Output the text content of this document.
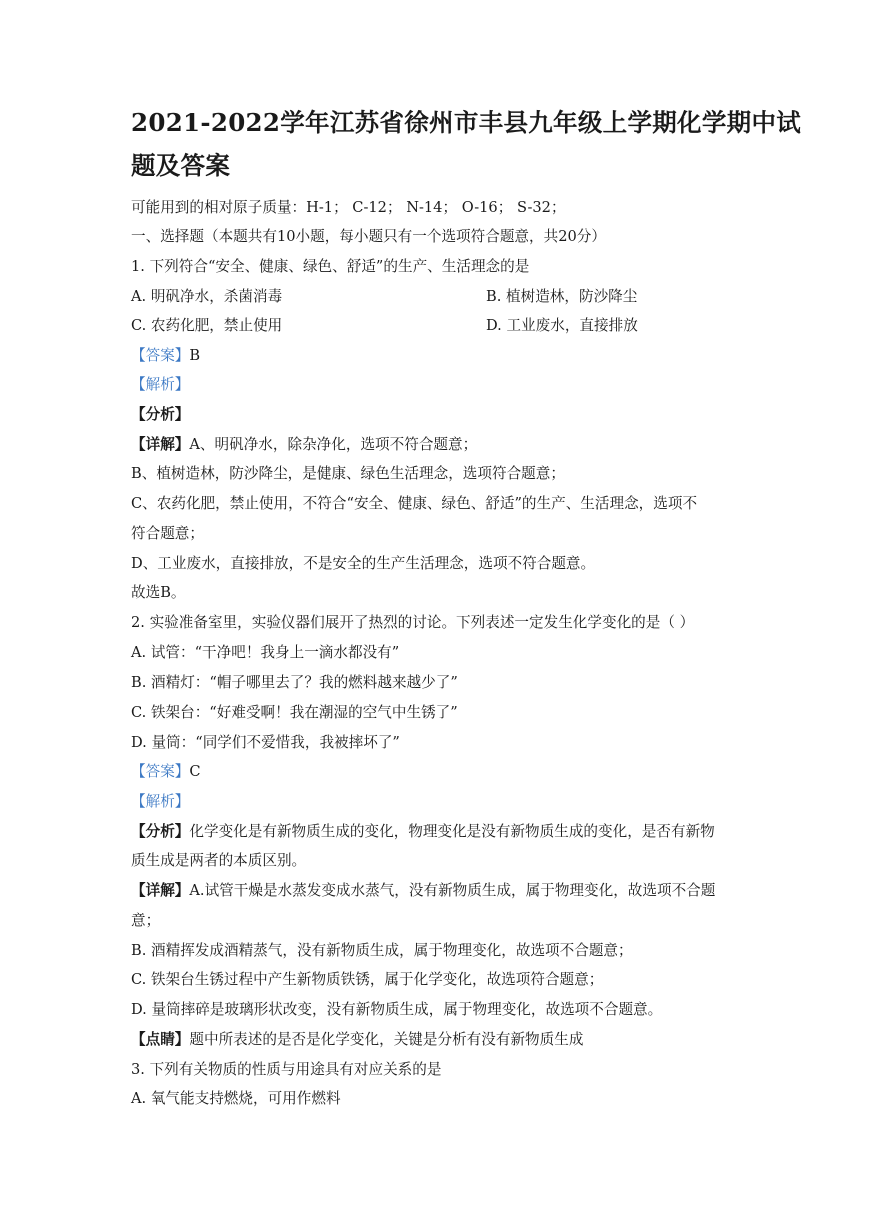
2021-2022学年江苏省徐州市丰县九年级上学期化学期中试
题及答案
可能用到的相对原子质量：H-1； C-12； N-14； O-16； S-32；
一、选择题（本题共有10小题，每小题只有一个选项符合题意，共20分）
1. 下列符合“安全、健康、绿色、舒适”的生产、生活理念的是
A. 明矾净水，杀菌消毒	B. 植树造林，防沙降尘
C. 农药化肥，禁止使用	D. 工业废水，直接排放
【答案】B
【解析】
【分析】
【详解】A、明矾净水，除杂净化，选项不符合题意；
B、植树造林，防沙降尘，是健康、绿色生活理念，选项符合题意；
C、农药化肥，禁止使用，不符合“安全、健康、绿色、舒适”的生产、生活理念，选项不
符合题意；
D、工业废水，直接排放，不是安全的生产生活理念，选项不符合题意。
故选B。
2. 实验准备室里，实验仪器们展开了热烈的讨论。下列表述一定发生化学变化的是（ ）
A. 试管：“干净吧！我身上一滴水都没有”
B. 酒精灯：“帽子哪里去了？我的燃料越来越少了”
C. 铁架台：“好难受啊！我在潮湿的空气中生锈了”
D. 量筒：“同学们不爱惜我，我被摔坏了”
【答案】C
【解析】
【分析】化学变化是有新物质生成的变化，物理变化是没有新物质生成的变化，是否有新物
质生成是两者的本质区别。
【详解】A.试管干燥是水蒸发变成水蒸气，没有新物质生成，属于物理变化，故选项不合题
意；
B. 酒精挥发成酒精蒸气，没有新物质生成，属于物理变化，故选项不合题意；
C. 铁架台生锈过程中产生新物质铁锈，属于化学变化，故选项符合题意；
D. 量筒摔碎是玻璃形状改变，没有新物质生成，属于物理变化，故选项不合题意。
【点睛】题中所表述的是否是化学变化，关键是分析有没有新物质生成
3. 下列有关物质的性质与用途具有对应关系的是
A. 氧气能支持燃烧，可用作燃料
